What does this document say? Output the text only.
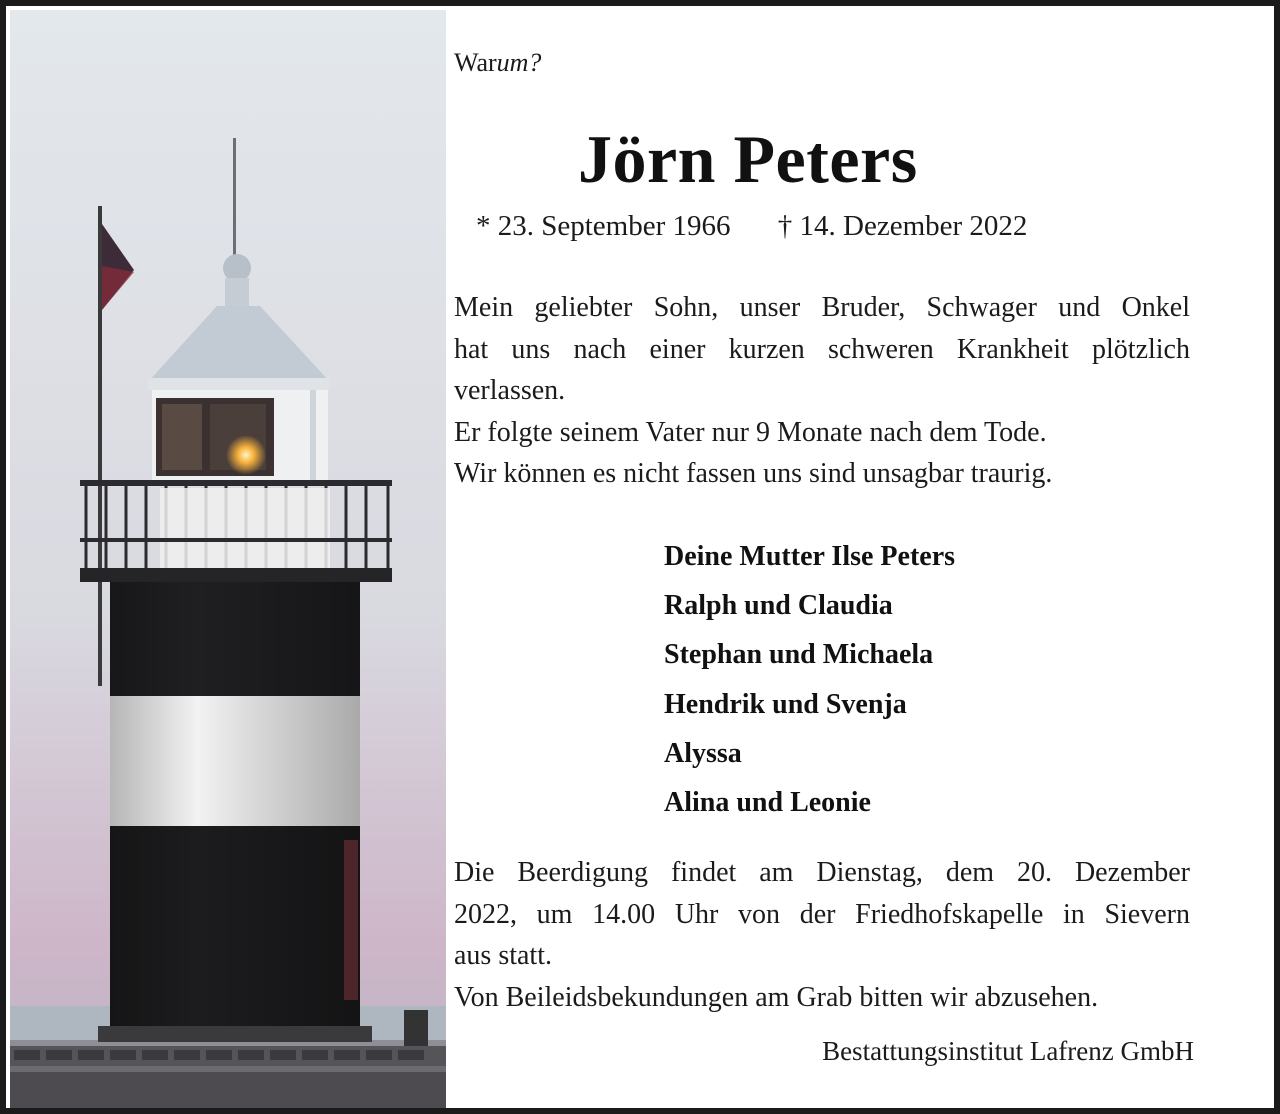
Warum?
Jörn Peters
* 23. September 1966 † 14. Dezember 2022
Mein geliebter Sohn, unser Bruder, Schwager und Onkel
hat uns nach einer kurzen schweren Krankheit plötzlich
verlassen.
Er folgte seinem Vater nur 9 Monate nach dem Tode.
Wir können es nicht fassen uns sind unsagbar traurig.
Deine Mutter Ilse Peters
Ralph und Claudia
Stephan und Michaela
Hendrik und Svenja
Alyssa
Alina und Leonie
Die Beerdigung findet am Dienstag, dem 20. Dezember
2022, um 14.00 Uhr von der Friedhofskapelle in Sievern
aus statt.
Von Beileidsbekundungen am Grab bitten wir abzusehen.
Bestattungsinstitut Lafrenz GmbH
